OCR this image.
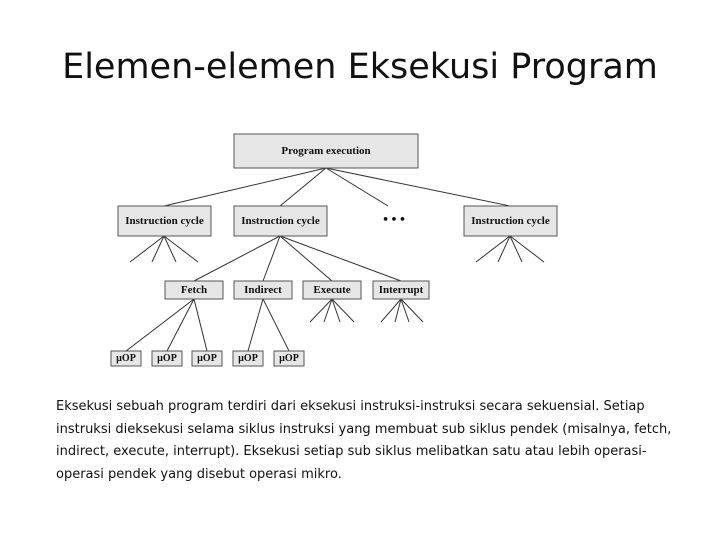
Elemen-elemen Eksekusi Program
Program execution
Instruction cycle	Instruction cycle	• • •	Instruction cycle
Fetch	Indirect	Execute	Interrupt
µOP µOP µOP µOP µOP
Eksekusi sebuah program terdiri dari eksekusi instruksi-instruksi secara sekuensial. Setiap instruksi dieksekusi selama siklus instruksi yang membuat sub siklus pendek (misalnya, fetch, indirect, execute, interrupt). Eksekusi setiap sub siklus melibatkan satu atau lebih operasi-operasi pendek yang disebut operasi mikro.
